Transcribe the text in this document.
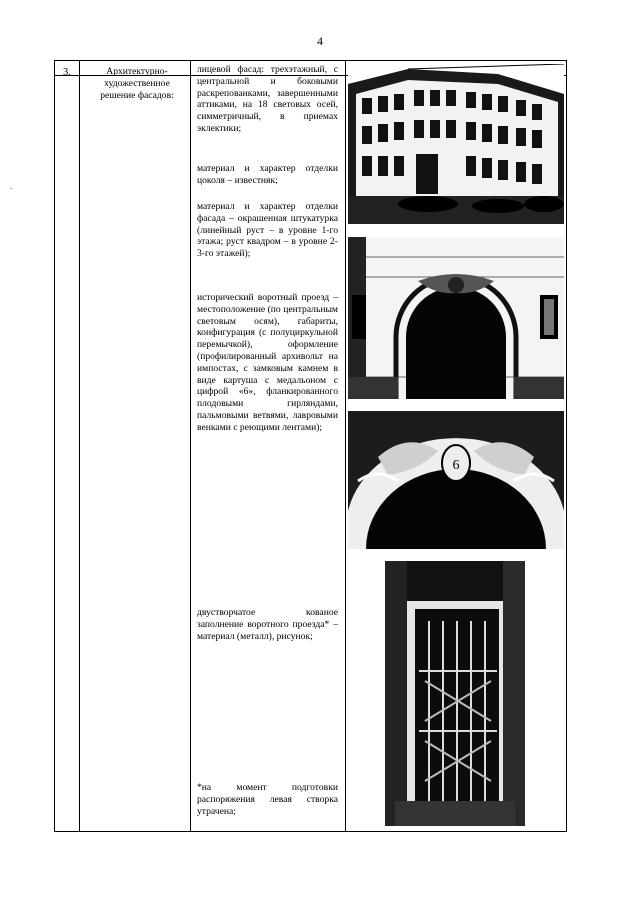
4
3.	Архитектурно-художественное решение фасадов:

лицевой фасад: трехэтажный, с центральной и боковыми раскрепованками, завершенными аттиками, на 18 световых осей, симметричный, в приемах эклектики;

материал и характер отделки цоколя – известняк;

материал и характер отделки фасада – окрашенная штукатурка (линейный руст – в уровне 1-го этажа; руст квадром – в уровне 2-3-го этажей);

исторический воротный проезд – местоположение (по центральным световым осям), габариты, конфигурация (с полуциркульной перемычкой), оформление (профилированный архивольт на импостах, с замковым камнем в виде картуша с медальоном с цифрой «6», фланкированного плодовыми гирляндами, пальмовыми ветвями, лавровыми венками с реющими лентами);

двустворчатое кованое заполнение воротного проезда* – материал (металл), рисунок;

*на момент подготовки распоряжения левая створка утрачена;

6
-
